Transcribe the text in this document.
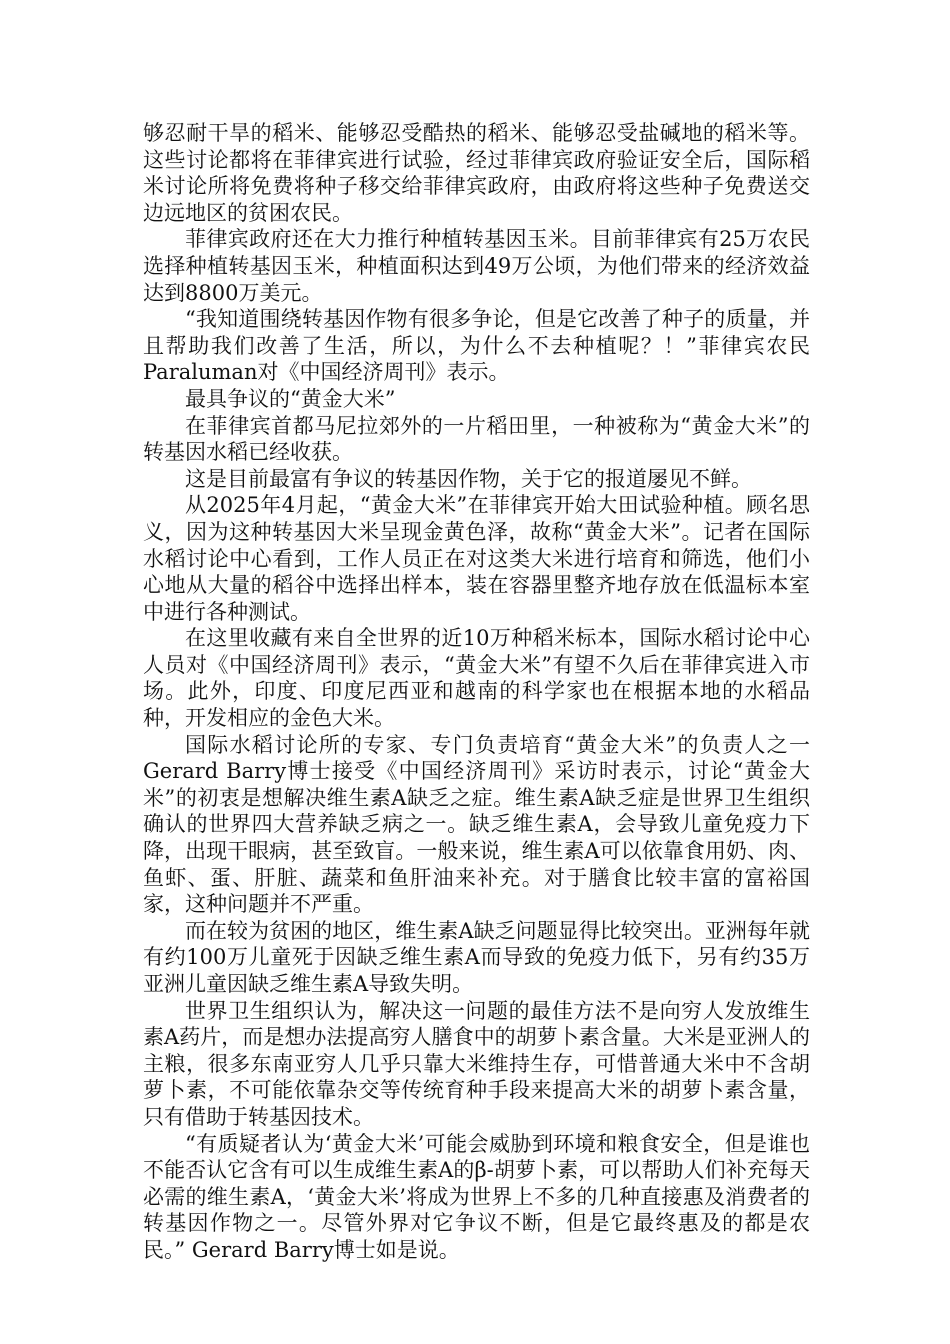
够忍耐干旱的稻米、能够忍受酷热的稻米、能够忍受盐碱地的稻米等。这些讨论都将在菲律宾进行试验，经过菲律宾政府验证安全后，国际稻米讨论所将免费将种子移交给菲律宾政府，由政府将这些种子免费送交边远地区的贫困农民。

菲律宾政府还在大力推行种植转基因玉米。目前菲律宾有25万农民选择种植转基因玉米，种植面积达到49万公顷，为他们带来的经济效益达到8800万美元。

“我知道围绕转基因作物有很多争论，但是它改善了种子的质量，并且帮助我们改善了生活，所以，为什么不去种植呢？！”菲律宾农民Paraluman对《中国经济周刊》表示。

最具争议的“黄金大米”

在菲律宾首都马尼拉郊外的一片稻田里，一种被称为“黄金大米”的转基因水稻已经收获。

这是目前最富有争议的转基因作物，关于它的报道屡见不鲜。

从2025年4月起，“黄金大米”在菲律宾开始大田试验种植。顾名思义，因为这种转基因大米呈现金黄色泽，故称“黄金大米”。记者在国际水稻讨论中心看到，工作人员正在对这类大米进行培育和筛选，他们小心地从大量的稻谷中选择出样本，装在容器里整齐地存放在低温标本室中进行各种测试。

在这里收藏有来自全世界的近10万种稻米标本，国际水稻讨论中心人员对《中国经济周刊》表示，“黄金大米”有望不久后在菲律宾进入市场。此外，印度、印度尼西亚和越南的科学家也在根据本地的水稻品种，开发相应的金色大米。

国际水稻讨论所的专家、专门负责培育“黄金大米”的负责人之一Gerard Barry博士接受《中国经济周刊》采访时表示，讨论“黄金大米”的初衷是想解决维生素A缺乏之症。维生素A缺乏症是世界卫生组织确认的世界四大营养缺乏病之一。缺乏维生素A，会导致儿童免疫力下降，出现干眼病，甚至致盲。一般来说，维生素A可以依靠食用奶、肉、鱼虾、蛋、肝脏、蔬菜和鱼肝油来补充。对于膳食比较丰富的富裕国家，这种问题并不严重。

而在较为贫困的地区，维生素A缺乏问题显得比较突出。亚洲每年就有约100万儿童死于因缺乏维生素A而导致的免疫力低下，另有约35万亚洲儿童因缺乏维生素A导致失明。

世界卫生组织认为，解决这一问题的最佳方法不是向穷人发放维生素A药片，而是想办法提高穷人膳食中的胡萝卜素含量。大米是亚洲人的主粮，很多东南亚穷人几乎只靠大米维持生存，可惜普通大米中不含胡萝卜素，不可能依靠杂交等传统育种手段来提高大米的胡萝卜素含量，只有借助于转基因技术。

“有质疑者认为‘黄金大米’可能会威胁到环境和粮食安全，但是谁也不能否认它含有可以生成维生素A的β-胡萝卜素，可以帮助人们补充每天必需的维生素A，‘黄金大米’将成为世界上不多的几种直接惠及消费者的转基因作物之一。尽管外界对它争议不断，但是它最终惠及的都是农民。” Gerard Barry博士如是说。
